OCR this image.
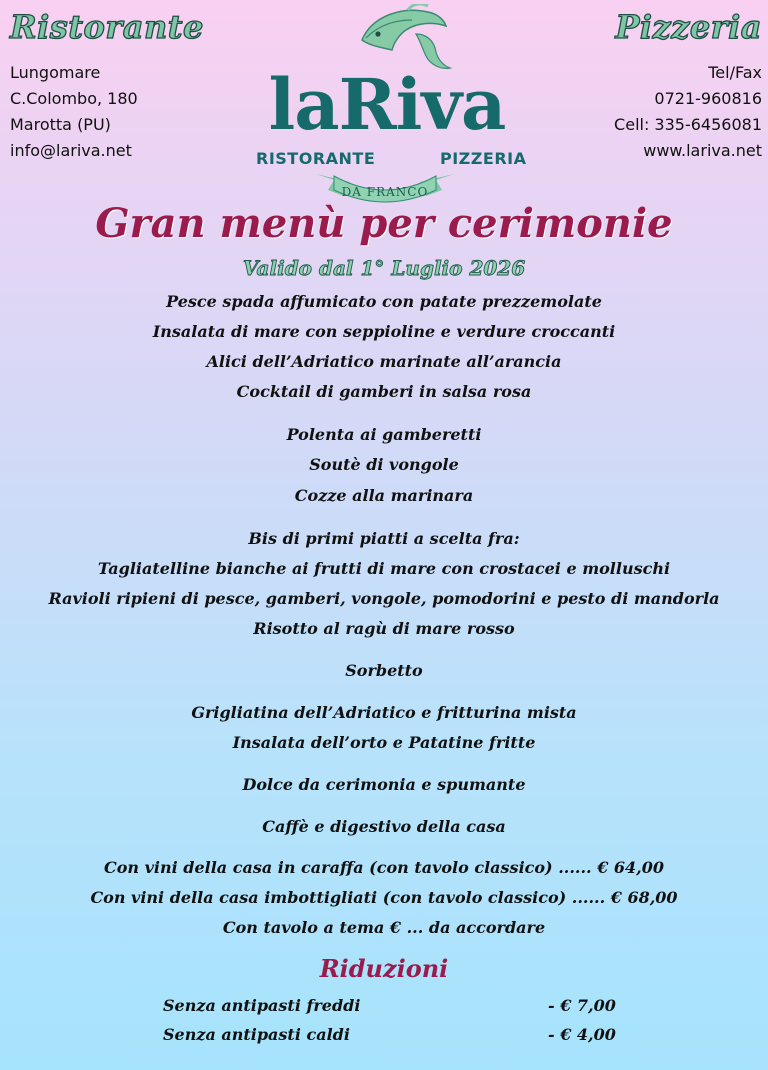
Ristorante	Pizzeria
Lungomare
C.Colombo, 180
Marotta (PU)
info@lariva.net
Tel/Fax
0721-960816
Cell: 335-6456081
www.lariva.net
laRiva
RISTORANTE	PIZZERIA
DA FRANCO
Gran menù per cerimonie
Valido dal 1° Luglio 2026
Pesce spada affumicato con patate prezzemolate
Insalata di mare con seppioline e verdure croccanti
Alici dell’Adriatico marinate all’arancia
Cocktail di gamberi in salsa rosa
Polenta ai gamberetti
Soutè di vongole
Cozze alla marinara
Bis di primi piatti a scelta fra:
Tagliatelline bianche ai frutti di mare con crostacei e molluschi
Ravioli ripieni di pesce, gamberi, vongole, pomodorini e pesto di mandorla
Risotto al ragù di mare rosso
Sorbetto
Grigliatina dell’Adriatico e fritturina mista
Insalata dell’orto e Patatine fritte
Dolce da cerimonia e spumante
Caffè e digestivo della casa
Con vini della casa in caraffa (con tavolo classico) ...... € 64,00
Con vini della casa imbottigliati (con tavolo classico) ...... € 68,00
Con tavolo a tema € ... da accordare
Riduzioni
Senza antipasti freddi	- € 7,00
Senza antipasti caldi	- € 4,00
